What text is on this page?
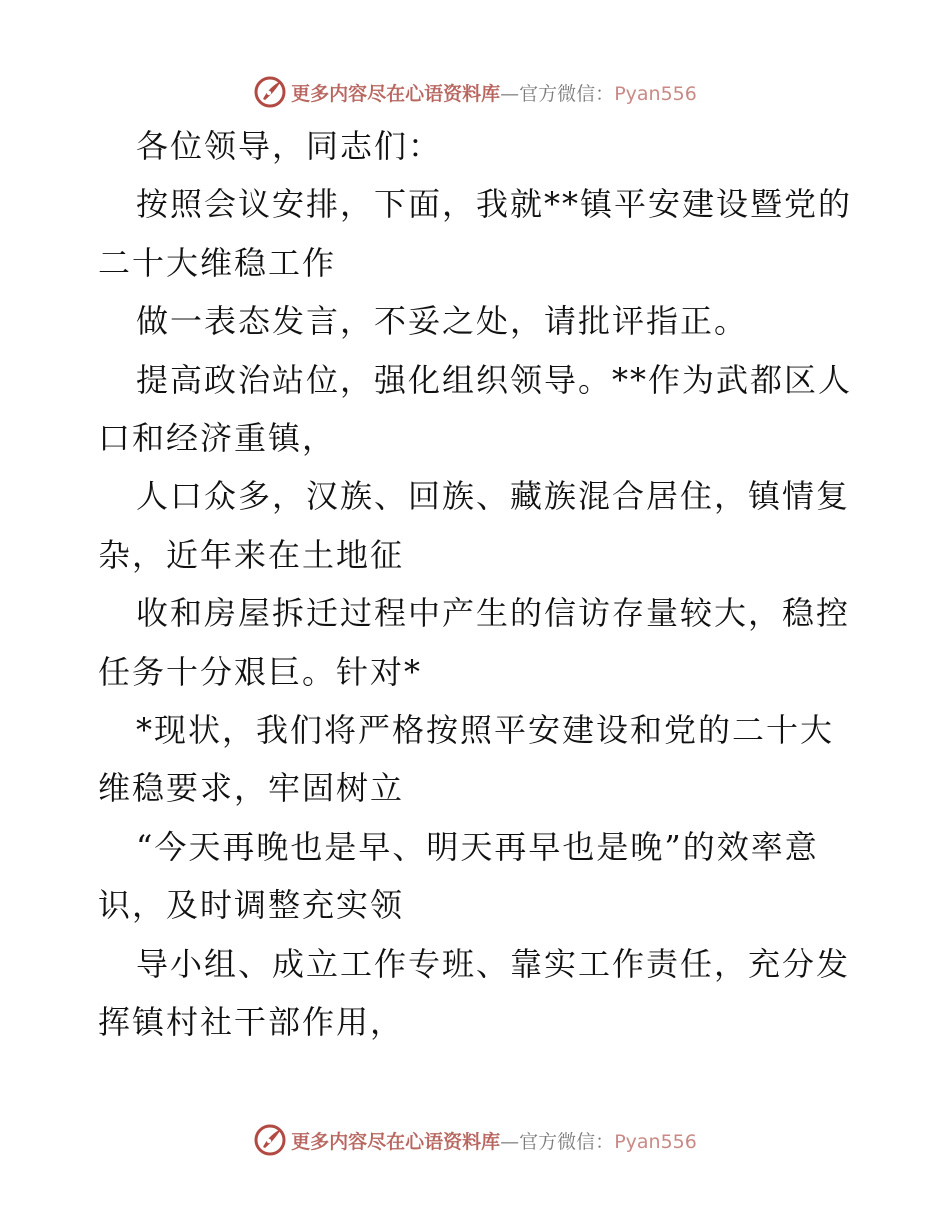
更多内容尽在心语资料库—官方微信：Pyan556

各位领导，同志们：

按照会议安排，下面，我就**镇平安建设暨党的

二十大维稳工作

做一表态发言，不妥之处，请批评指正。

提高政治站位，强化组织领导。**作为武都区人

口和经济重镇，

人口众多，汉族、回族、藏族混合居住，镇情复

杂，近年来在土地征

收和房屋拆迁过程中产生的信访存量较大，稳控

任务十分艰巨。针对*

*现状，我们将严格按照平安建设和党的二十大

维稳要求，牢固树立

“今天再晚也是早、明天再早也是晚”的效率意

识，及时调整充实领

导小组、成立工作专班、靠实工作责任，充分发

挥镇村社干部作用，

更多内容尽在心语资料库—官方微信：Pyan556
